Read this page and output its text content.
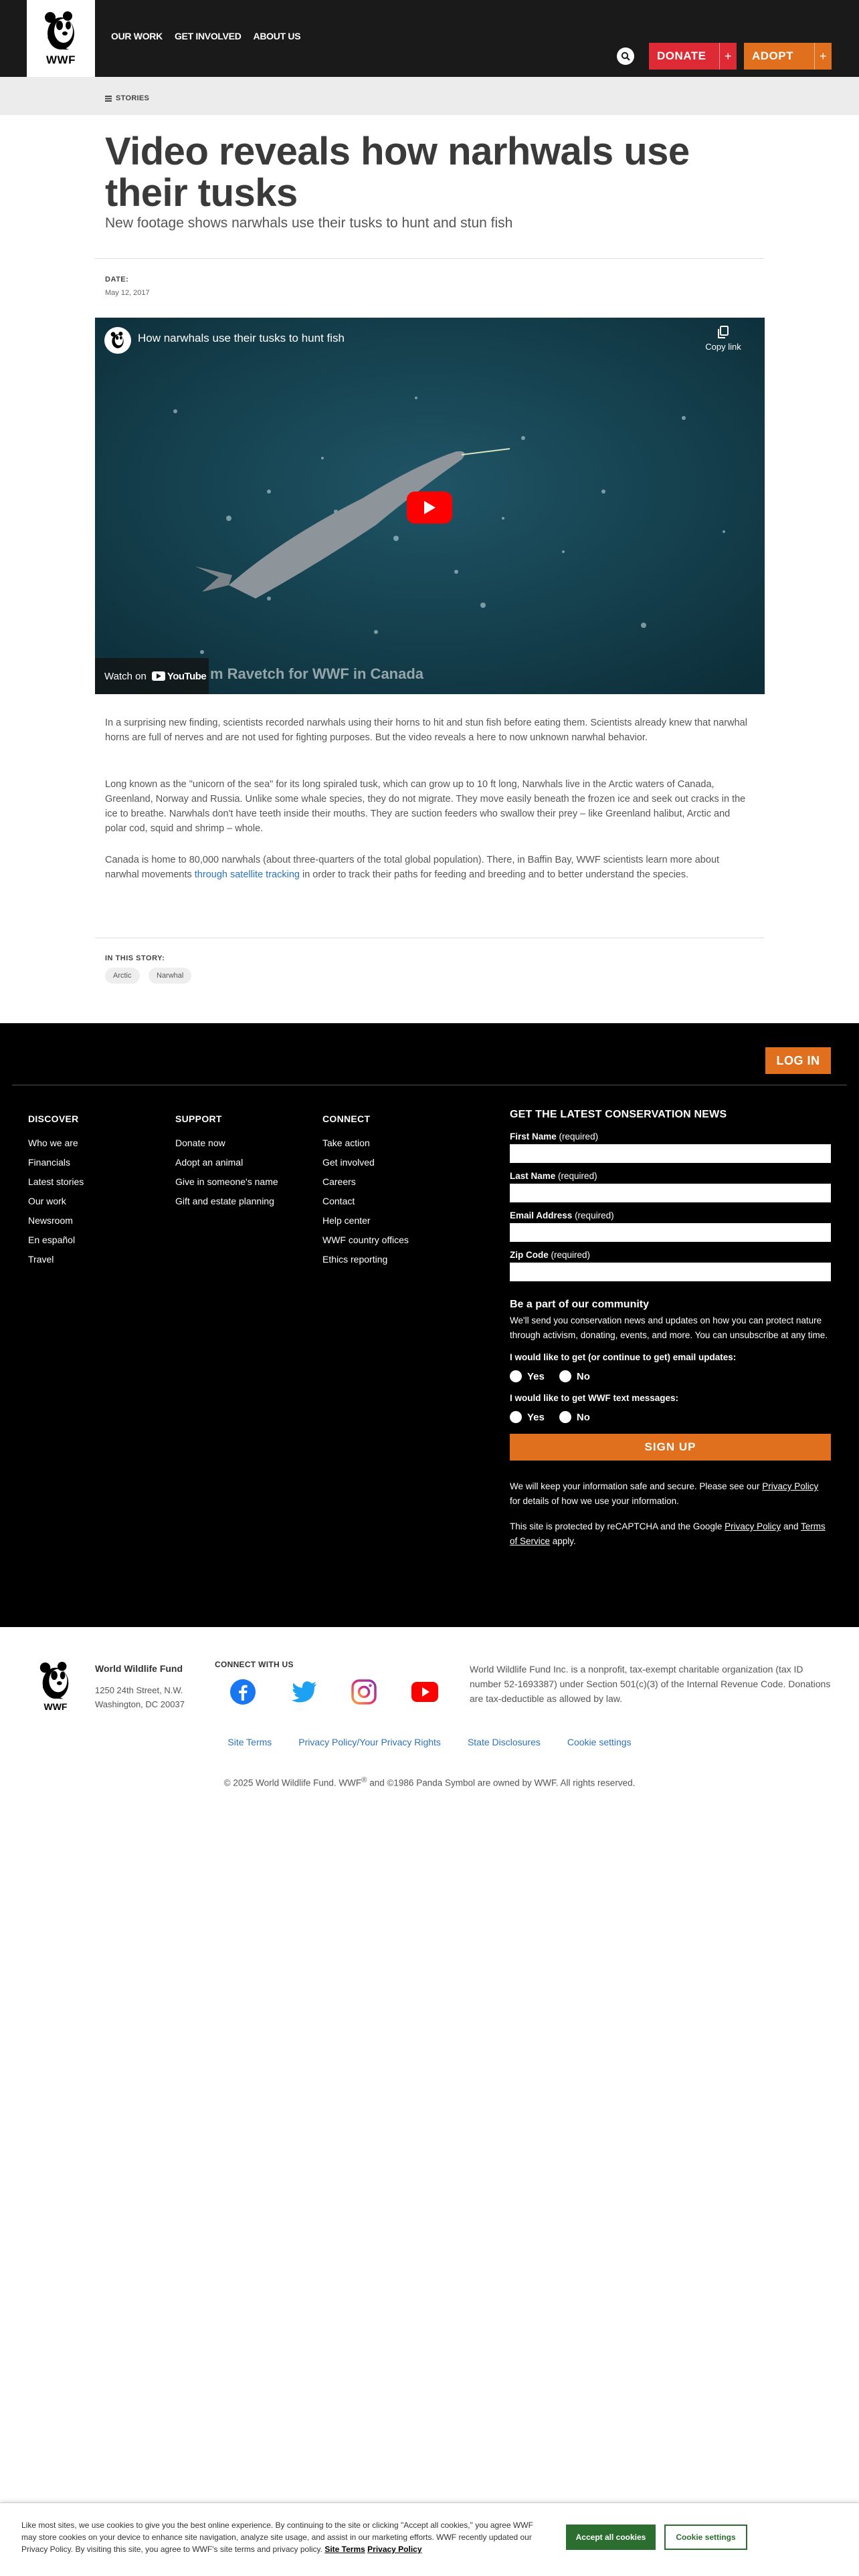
WWF
OUR WORK GET INVOLVED ABOUT US
DONATE	+	ADOPT	+
STORIES
Video reveals how narhwals use their tusks

New footage shows narwhals use their tusks to hunt and stun fish

DATE:
May 12, 2017
How narwhals use their tusks to hunt fish
Copy link
m Ravetch for WWF in Canada
Watch on YouTube

In a surprising new finding, scientists recorded narwhals using their horns to hit and stun fish before eating them. Scientists already knew that narwhal horns are full of nerves and are not used for fighting purposes. But the video reveals a here to now unknown narwhal behavior.

Long known as the "unicorn of the sea" for its long spiraled tusk, which can grow up to 10 ft long, Narwhals live in the Arctic waters of Canada, Greenland, Norway and Russia. Unlike some whale species, they do not migrate. They move easily beneath the frozen ice and seek out cracks in the ice to breathe. Narwhals don't have teeth inside their mouths. They are suction feeders who swallow their prey – like Greenland halibut, Arctic and polar cod, squid and shrimp – whole.

Canada is home to 80,000 narwhals (about three-quarters of the total global population). There, in Baffin Bay, WWF scientists learn more about narwhal movements through satellite tracking in order to track their paths for feeding and breeding and to better understand the species.

IN THIS STORY:
Arctic	Narwhal
LOG IN
DISCOVER
Who we are
Financials
Latest stories
Our work
Newsroom
En español
Travel
SUPPORT
Donate now
Adopt an animal
Give in someone's name
Gift and estate planning
CONNECT
Take action
Get involved
Careers
Contact
Help center
WWF country offices
Ethics reporting
GET THE LATEST CONSERVATION NEWS
First Name (required)
Last Name (required)
Email Address (required)
Zip Code (required)
Be a part of our community

We'll send you conservation news and updates on how you can protect nature through activism, donating, events, and more. You can unsubscribe at any time.

I would like to get (or continue to get) email updates:
Yes	No
I would like to get WWF text messages:
Yes	No
SIGN UP

We will keep your information safe and secure. Please see our Privacy Policy for details of how we use your information.

This site is protected by reCAPTCHA and the Google Privacy Policy and Terms of Service apply.

WWF
World Wildlife Fund
1250 24th Street, N.W.
Washington, DC 20037
CONNECT WITH US	World Wildlife Fund Inc. is a nonprofit, tax-exempt charitable organization (tax ID number 52-1693387) under Section 501(c)(3) of the Internal Revenue Code. Donations are tax-deductible as allowed by law.

Site Terms	Privacy Policy/Your Privacy Rights	State Disclosures	Cookie settings
© 2025 World Wildlife Fund. WWF® and ©1986 Panda Symbol are owned by WWF. All rights reserved.

Like most sites, we use cookies to give you the best online experience. By continuing to the site or clicking "Accept all cookies," you agree WWF may store cookies on your device to enhance site navigation, analyze site usage, and assist in our marketing efforts. WWF recently updated our Privacy Policy. By visiting this site, you agree to WWF's site terms and privacy policy. Site Terms Privacy Policy

Accept all cookies	Cookie settings
